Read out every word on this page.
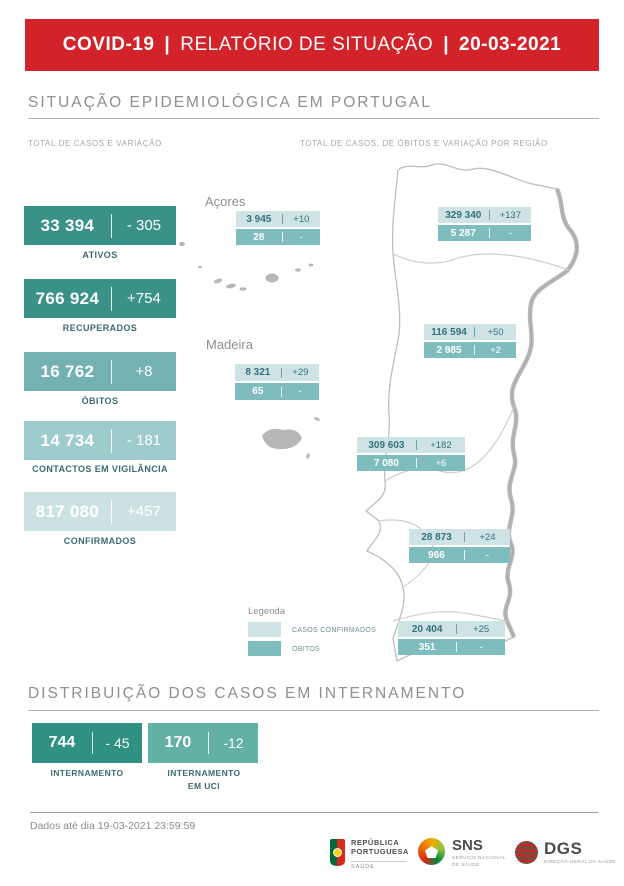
COVID-19 | RELATÓRIO DE SITUAÇÃO | 20-03-2021
SITUAÇÃO EPIDEMIOLÓGICA EM PORTUGAL
TOTAL DE CASOS E VARIAÇÃO	TOTAL DE CASOS, DE ÓBITOS E VARIAÇÃO POR REGIÃO
33 394	- 305
ATIVOS
766 924	+754
RECUPERADOS
16 762	+8
ÓBITOS
14 734	- 181
CONTACTOS EM VIGILÂNCIA
817 080	+457
CONFIRMADOS
Açores
Madeira
3 945	+10
28	-
329 340	+137
5 287	-
116 594	+50
2 985	+2
8 321	+29
65	-
309 603	+182
7 080	+6
28 873	+24
966	-
20 404	+25
351	-
Legenda
CASOS CONFIRMADOS
ÓBITOS
DISTRIBUIÇÃO DOS CASOS EM INTERNAMENTO
744	- 45
INTERNAMENTO
170	-12
INTERNAMENTO EM UCI
Dados até dia 19-03-2021 23:59:59
REPÚBLICA
PORTUGUESA
SAÚDE
SNS
SERVIÇO NACIONAL
DE SAÚDE
DGS
DIREÇÃO-GERAL DA SAÚDE
